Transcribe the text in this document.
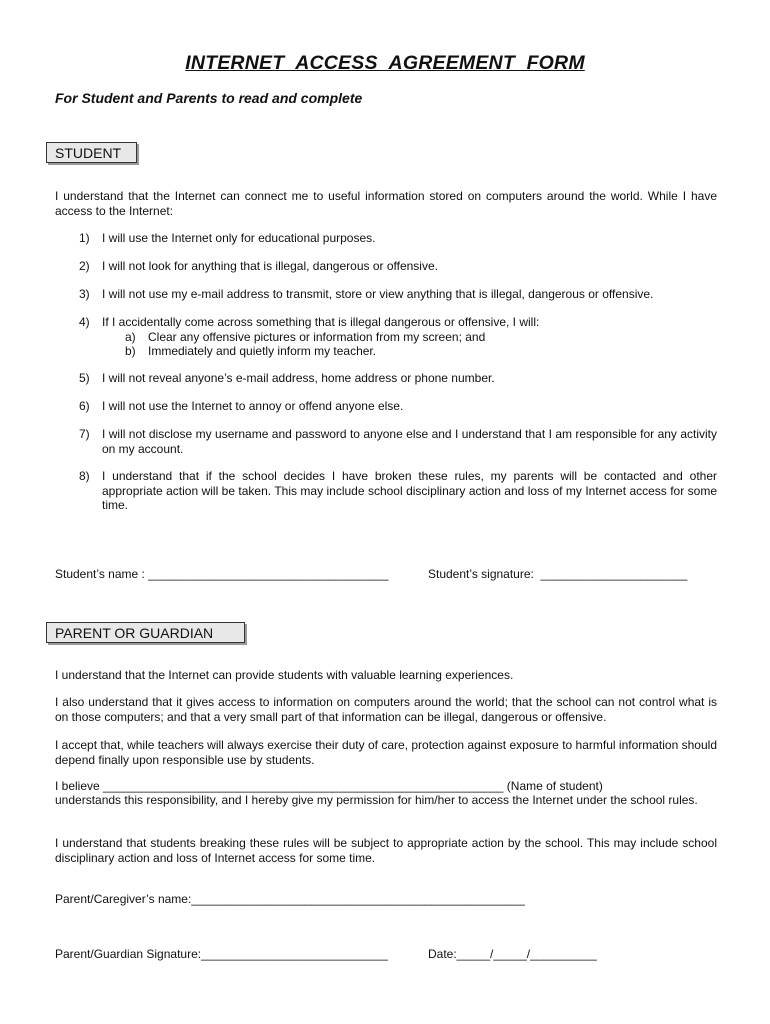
INTERNET ACCESS AGREEMENT FORM
For Student and Parents to read and complete
STUDENT
I understand that the Internet can connect me to useful information stored on computers around the world. While I have access to the Internet:
1) I will use the Internet only for educational purposes.
2) I will not look for anything that is illegal, dangerous or offensive.
3) I will not use my e-mail address to transmit, store or view anything that is illegal, dangerous or offensive.
4) If I accidentally come across something that is illegal dangerous or offensive, I will:
a) Clear any offensive pictures or information from my screen; and
b) Immediately and quietly inform my teacher.
5) I will not reveal anyone’s e-mail address, home address or phone number.
6) I will not use the Internet to annoy or offend anyone else.
7) I will not disclose my username and password to anyone else and I understand that I am responsible for any activity on my account.
8) I understand that if the school decides I have broken these rules, my parents will be contacted and other appropriate action will be taken. This may include school disciplinary action and loss of my Internet access for some time.
Student’s name : ____________________________________	Student’s signature:  ______________________
PARENT OR GUARDIAN
I understand that the Internet can provide students with valuable learning experiences.
I also understand that it gives access to information on computers around the world; that the school can not control what is on those computers; and that a very small part of that information can be illegal, dangerous or offensive.
I accept that, while teachers will always exercise their duty of care, protection against exposure to harmful information should depend finally upon responsible use by students.
I believe ____________________________________________________________ (Name of student)
understands this responsibility, and I hereby give my permission for him/her to access the Internet under the school rules.
I understand that students breaking these rules will be subject to appropriate action by the school. This may include school disciplinary action and loss of Internet access for some time.
Parent/Caregiver’s name:__________________________________________________
Parent/Guardian Signature:____________________________	Date:_____/_____/__________
